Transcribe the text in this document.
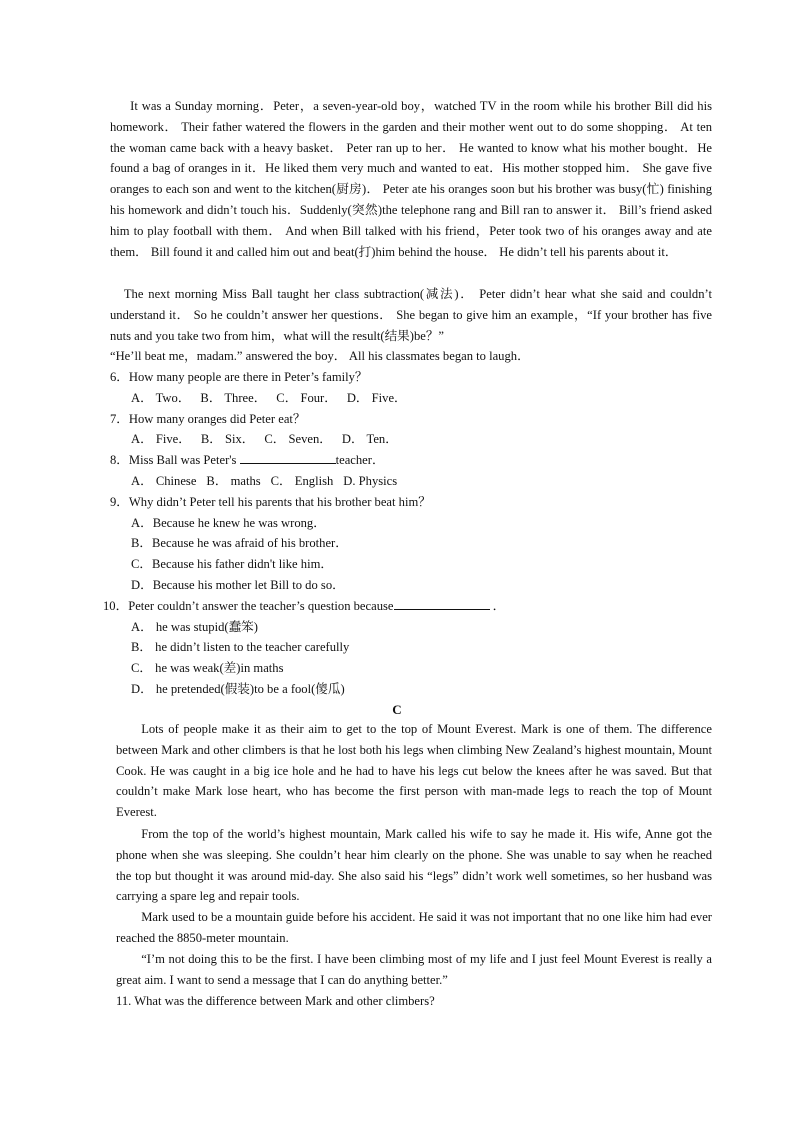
It was a Sunday morning．Peter，a seven-year-old boy，watched TV in the room while his brother Bill did his homework． Their father watered the flowers in the garden and their mother went out to do some shopping． At ten the woman came back with a heavy basket． Peter ran up to her． He wanted to know what his mother bought．He found a bag of oranges in it．He liked them very much and wanted to eat．His mother stopped him． She gave five oranges to each son and went to the kitchen(厨房)． Peter ate his oranges soon but his brother was busy(忙) finishing his homework and didn’t touch his．Suddenly(突然)the telephone rang and Bill ran to answer it． Bill’s friend asked him to play football with them． And when Bill talked with his friend，Peter took two of his oranges away and ate them． Bill found it and called him out and beat(打)him behind the house． He didn’t tell his parents about it．

The next morning Miss Ball taught her class subtraction(减法)． Peter didn’t hear what she said and couldn’t understand it． So he couldn’t answer her questions． She began to give him an example，“If your brother has five nuts and you take two from him，what will the result(结果)be？”

“He’ll beat me，madam.” answered the boy． All his classmates began to laugh．

6．How many people are there in Peter’s family？
A． Two． B． Three． C． Four． D． Five．
7．How many oranges did Peter eat？
A． Five． B． Six． C． Seven． D． Ten．
8．Miss Ball was Peter's	teacher．
A． Chinese B． maths C． English D. Physics
9．Why didn’t Peter tell his parents that his brother beat him？
A．Because he knew he was wrong．
B．Because he was afraid of his brother．
C．Because his father didn't like him．
D．Because his mother let Bill to do so．
10．Peter couldn’t answer the teacher’s question because	．
A． he was stupid(蠢笨)
B． he didn’t listen to the teacher carefully
C． he was weak(差)in maths
D． he pretended(假装)to be a fool(傻瓜)
C

Lots of people make it as their aim to get to the top of Mount Everest. Mark is one of them. The difference between Mark and other climbers is that he lost both his legs when climbing New Zealand’s highest mountain, Mount Cook. He was caught in a big ice hole and he had to have his legs cut below the knees after he was saved. But that couldn’t make Mark lose heart, who has become the first person with man-made legs to reach the top of Mount Everest.

From the top of the world’s highest mountain, Mark called his wife to say he made it. His wife, Anne got the phone when she was sleeping. She couldn’t hear him clearly on the phone. She was unable to say when he reached the top but thought it was around mid-day. She also said his “legs” didn’t work well sometimes, so her husband was carrying a spare leg and repair tools.

Mark used to be a mountain guide before his accident. He said it was not important that no one like him had ever reached the 8850-meter mountain.

“I’m not doing this to be the first. I have been climbing most of my life and I just feel Mount Everest is really a great aim. I want to send a message that I can do anything better.”

11. What was the difference between Mark and other climbers?
